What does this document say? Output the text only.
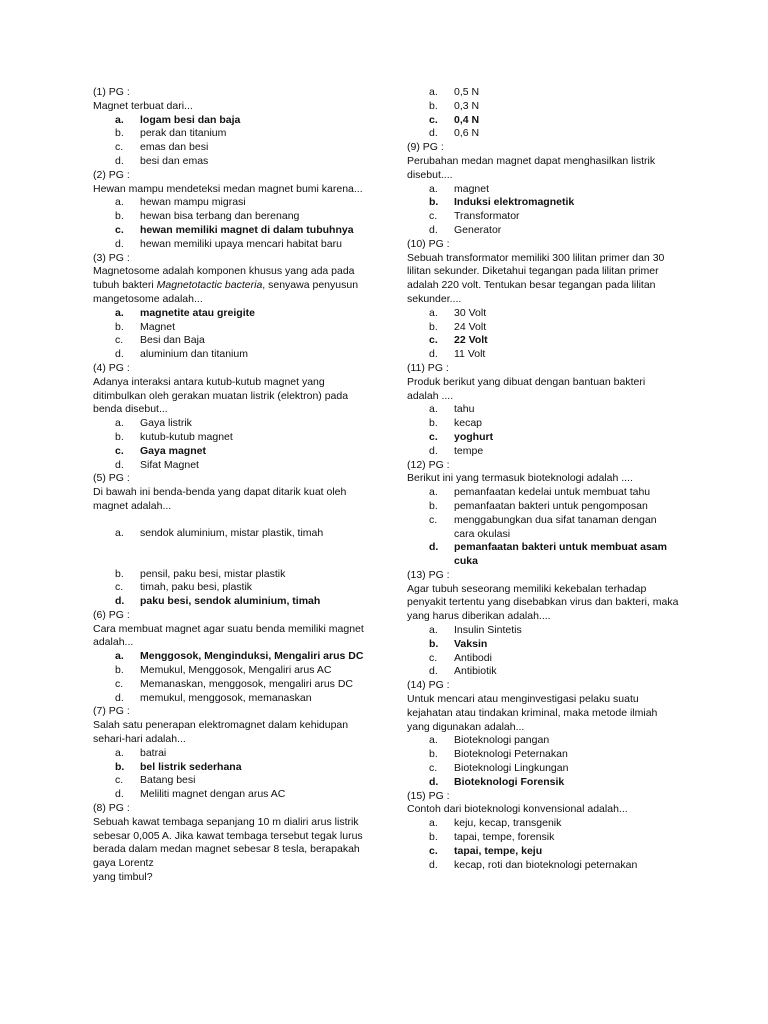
(1) PG :

Magnet terbuat dari...

a.	logam besi dan baja
b.	perak dan titanium
c.	emas dan besi
d.	besi dan emas

(2) PG :

Hewan mampu mendeteksi medan magnet bumi karena...

a.	hewan mampu migrasi
b.	hewan bisa terbang dan berenang
c.	hewan memiliki magnet di dalam tubuhnya
d.	hewan memiliki upaya mencari habitat baru

(3) PG :

Magnetosome adalah komponen khusus yang ada pada tubuh bakteri Magnetotactic bacteria, senyawa penyusun mangetosome adalah...

a.	magnetite atau greigite
b.	Magnet
c.	Besi dan Baja
d.	aluminium dan titanium

(4) PG :

Adanya interaksi antara kutub-kutub magnet yang ditimbulkan oleh gerakan muatan listrik (elektron) pada benda disebut...

a.	Gaya listrik
b.	kutub-kutub magnet
c.	Gaya magnet
d.	Sifat Magnet

(5) PG :

Di bawah ini benda-benda yang dapat ditarik kuat oleh magnet adalah...

a.	sendok aluminium, mistar plastik, timah
b.	pensil, paku besi, mistar plastik
c.	timah, paku besi, plastik
d.	paku besi, sendok aluminium, timah

(6) PG :

Cara membuat magnet agar suatu benda memiliki magnet adalah...

a.	Menggosok, Menginduksi, Mengaliri arus DC
b.	Memukul, Menggosok, Mengaliri arus AC
c.	Memanaskan, menggosok, mengaliri arus DC
d.	memukul, menggosok, memanaskan

(7) PG :

Salah satu penerapan elektromagnet dalam kehidupan sehari-hari adalah...

a.	batrai
b.	bel listrik sederhana
c.	Batang besi
d.	Meliliti magnet dengan arus AC

(8) PG :

Sebuah kawat tembaga sepanjang 10 m dialiri arus listrik sebesar 0,005 A. Jika kawat tembaga tersebut tegak lurus berada dalam medan magnet sebesar 8 tesla, berapakah gaya Lorentz

yang timbul?

a.	0,5 N
b.	0,3 N
c.	0,4 N
d.	0,6 N

(9) PG :

Perubahan medan magnet dapat menghasilkan listrik disebut....

a.	magnet
b.	Induksi elektromagnetik
c.	Transformator
d.	Generator

(10) PG :

Sebuah transformator memiliki 300 lilitan primer dan 30 lilitan sekunder. Diketahui tegangan pada lilitan primer adalah 220 volt. Tentukan besar tegangan pada lilitan sekunder....

a.	30 Volt
b.	24 Volt
c.	22 Volt
d.	11 Volt

(11) PG :

Produk berikut yang dibuat dengan bantuan bakteri adalah ....

a.	tahu
b.	kecap
c.	yoghurt
d.	tempe

(12) PG :

Berikut ini yang termasuk bioteknologi adalah ....

a.	pemanfaatan kedelai untuk membuat tahu
b.	pemanfaatan bakteri untuk pengomposan
c.	menggabungkan dua sifat tanaman dengan cara okulasi
d.	pemanfaatan bakteri untuk membuat asam cuka

(13) PG :

Agar tubuh seseorang memiliki kekebalan terhadap penyakit tertentu yang disebabkan virus dan bakteri, maka yang harus diberikan adalah....

a.	Insulin Sintetis
b.	Vaksin
c.	Antibodi
d.	Antibiotik

(14) PG :

Untuk mencari atau menginvestigasi pelaku suatu kejahatan atau tindakan kriminal, maka metode ilmiah yang digunakan adalah...

a.	Bioteknologi pangan
b.	Bioteknologi Peternakan
c.	Bioteknologi Lingkungan
d.	Bioteknologi Forensik

(15) PG :

Contoh dari bioteknologi konvensional adalah...

a.	keju, kecap, transgenik
b.	tapai, tempe, forensik
c.	tapai, tempe, keju
d.	kecap, roti dan bioteknologi peternakan
